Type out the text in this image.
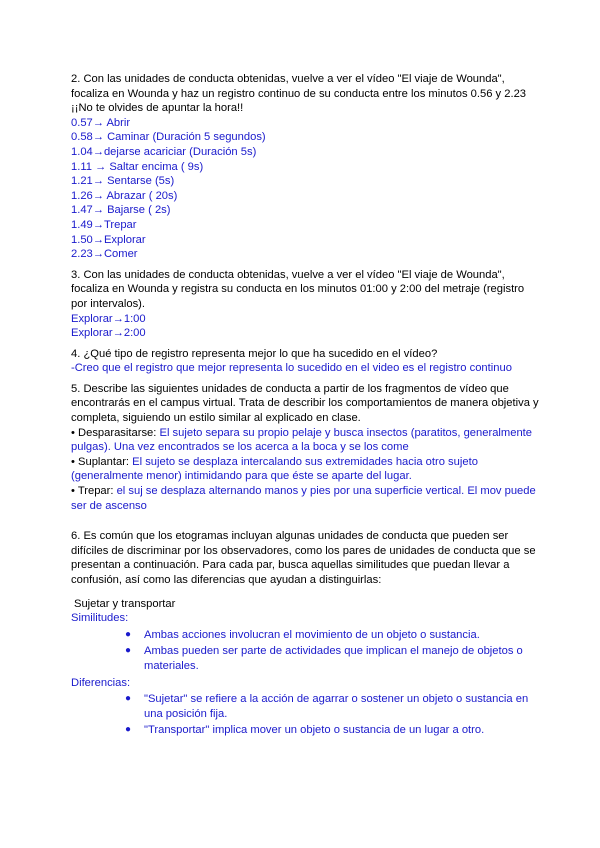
2. Con las unidades de conducta obtenidas, vuelve a ver el vídeo "El viaje de Wounda", focaliza en Wounda y haz un registro continuo de su conducta entre los minutos 0.56 y 2.23 ¡¡No te olvides de apuntar la hora!!

0.57→ Abrir

0.58→ Caminar (Duración 5 segundos)

1.04→dejarse acariciar (Duración 5s)

1.11 → Saltar encima ( 9s)

1.21→ Sentarse (5s)

1.26→ Abrazar ( 20s)

1.47→ Bajarse ( 2s)

1.49→Trepar

1.50→Explorar

2.23→Comer

3. Con las unidades de conducta obtenidas, vuelve a ver el vídeo "El viaje de Wounda", focaliza en Wounda y registra su conducta en los minutos 01:00 y 2:00 del metraje (registro por intervalos).

Explorar→1:00

Explorar→2:00

4. ¿Qué tipo de registro representa mejor lo que ha sucedido en el vídeo?

-Creo que el registro que mejor representa lo sucedido en el video es el registro continuo

5. Describe las siguientes unidades de conducta a partir de los fragmentos de vídeo que encontrarás en el campus virtual. Trata de describir los comportamientos de manera objetiva y completa, siguiendo un estilo similar al explicado en clase.

• Desparasitarse: El sujeto separa su propio pelaje y busca insectos (paratitos, generalmente pulgas). Una vez encontrados se los acerca a la boca y se los come

• Suplantar: El sujeto se desplaza intercalando sus extremidades hacia otro sujeto (generalmente menor) intimidando para que éste se aparte del lugar.

• Trepar: el suj se desplaza alternando manos y pies por una superficie vertical. El mov puede ser de ascenso

6. Es común que los etogramas incluyan algunas unidades de conducta que pueden ser difíciles de discriminar por los observadores, como los pares de unidades de conducta que se presentan a continuación. Para cada par, busca aquellas similitudes que puedan llevar a confusión, así como las diferencias que ayudan a distinguirlas:

Sujetar y transportar

Similitudes:

● Ambas acciones involucran el movimiento de un objeto o sustancia.
● Ambas pueden ser parte de actividades que implican el manejo de objetos o materiales.

Diferencias:

● "Sujetar" se refiere a la acción de agarrar o sostener un objeto o sustancia en una posición fija.
● "Transportar" implica mover un objeto o sustancia de un lugar a otro.
